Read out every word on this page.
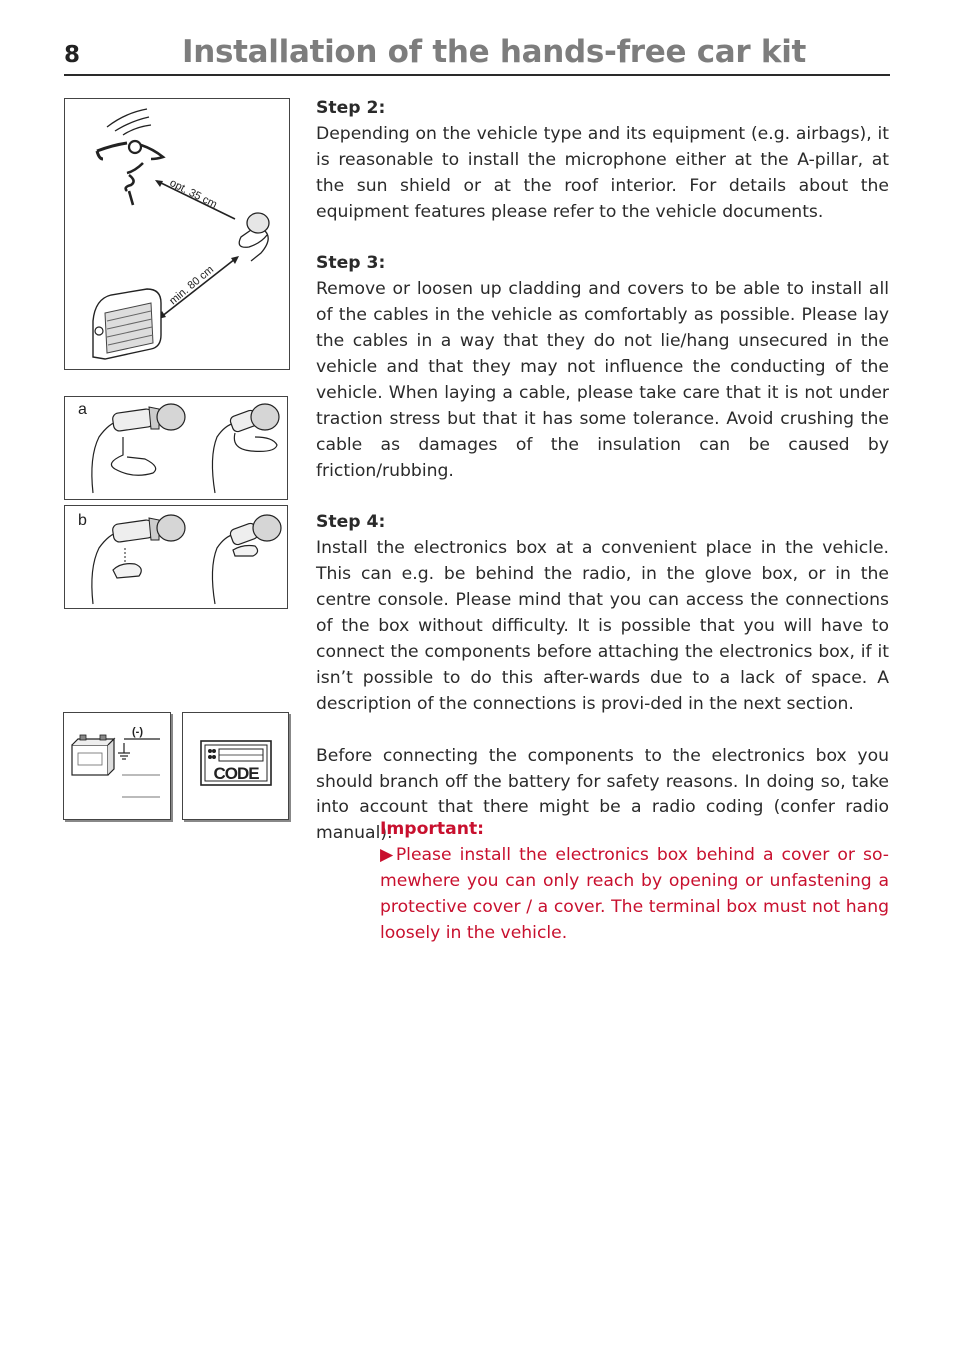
8	Installation of the hands-free car kit
opt. 35 cm
min. 80 cm
a
b
(-)
CODE
Step 2:

Depending on the vehicle type and its equipment (e.g. airbags), it is reasonable to install the microphone either at the A-pillar, at the sun shield or at the roof interior. For details about the equipment features please refer to the vehicle documents.

Step 3:

Remove or loosen up cladding and covers to be able to install all of the cables in the vehicle as comfortably as possible. Please lay the cables in a way that they do not lie/hang unsecured in the vehicle and that they may not influence the conducting of the vehicle. When laying a cable, please take care that it is not under traction stress but that it has some tolerance. Avoid crushing the cable as damages of the insulation can be caused by friction/rubbing.

Step 4:

Install the electronics box at a convenient place in the vehicle. This can e.g. be behind the radio, in the glove box, or in the centre console. Please mind that you can access the connections of the box without difficulty. It is possible that you will have to connect the components before attaching the electronics box, if it isn’t possible to do this after-wards due to a lack of space. A description of the connections is provi-ded in the next section.

Before connecting the components to the electronics box you should branch off the battery for safety reasons. In doing so, take into account that there might be a radio coding (confer radio manual).

Important:

▶Please install the electronics box behind a cover or so-mewhere you can only reach by opening or unfastening a protective cover / a cover. The terminal box must not hang loosely in the vehicle.
